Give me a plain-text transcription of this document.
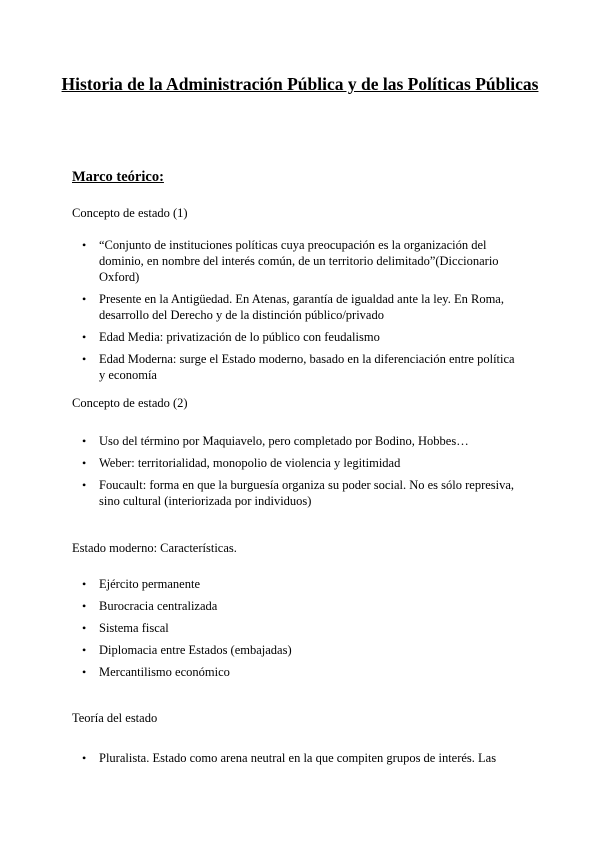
Historia de la Administración Pública y de las Políticas Públicas
Marco teórico:
Concepto de estado (1)
• “Conjunto de instituciones políticas cuya preocupación es la organización del dominio, en nombre del interés común, de un territorio delimitado”(Diccionario Oxford)
• Presente en la Antigüedad. En Atenas, garantía de igualdad ante la ley. En Roma, desarrollo del Derecho y de la distinción público/privado
• Edad Media: privatización de lo público con feudalismo
• Edad Moderna: surge el Estado moderno, basado en la diferenciación entre política y economía
Concepto de estado (2)
• Uso del término por Maquiavelo, pero completado por Bodino, Hobbes…
• Weber: territorialidad, monopolio de violencia y legitimidad
• Foucault: forma en que la burguesía organiza su poder social. No es sólo represiva, sino cultural (interiorizada por individuos)
Estado moderno: Características.
• Ejército permanente
• Burocracia centralizada
• Sistema fiscal
• Diplomacia entre Estados (embajadas)
• Mercantilismo económico
Teoría del estado
• Pluralista. Estado como arena neutral en la que compiten grupos de interés. Las
